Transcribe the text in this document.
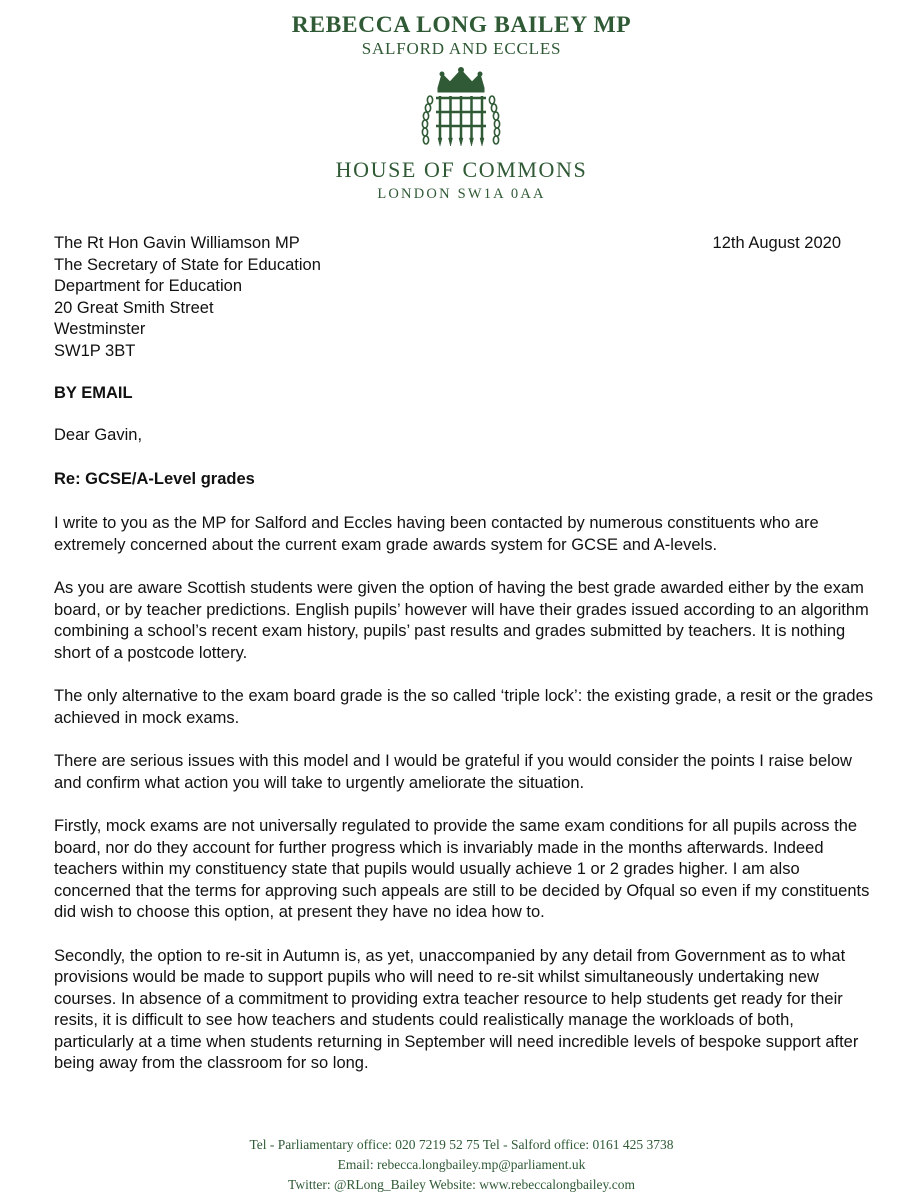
REBECCA LONG BAILEY MP
SALFORD AND ECCLES
HOUSE OF COMMONS
LONDON SW1A 0AA
The Rt Hon Gavin Williamson MP
The Secretary of State for Education
Department for Education
20 Great Smith Street
Westminster
SW1P 3BT
12th August 2020
BY EMAIL
Dear Gavin,
Re: GCSE/A-Level grades

I write to you as the MP for Salford and Eccles having been contacted by numerous constituents who are extremely concerned about the current exam grade awards system for GCSE and A-levels.

As you are aware Scottish students were given the option of having the best grade awarded either by the exam board, or by teacher predictions. English pupils’ however will have their grades issued according to an algorithm combining a school’s recent exam history, pupils’ past results and grades submitted by teachers. It is nothing short of a postcode lottery.

The only alternative to the exam board grade is the so called ‘triple lock’: the existing grade, a resit or the grades achieved in mock exams.

There are serious issues with this model and I would be grateful if you would consider the points I raise below and confirm what action you will take to urgently ameliorate the situation.

Firstly, mock exams are not universally regulated to provide the same exam conditions for all pupils across the board, nor do they account for further progress which is invariably made in the months afterwards. Indeed teachers within my constituency state that pupils would usually achieve 1 or 2 grades higher. I am also concerned that the terms for approving such appeals are still to be decided by Ofqual so even if my constituents did wish to choose this option, at present they have no idea how to.

Secondly, the option to re-sit in Autumn is, as yet, unaccompanied by any detail from Government as to what provisions would be made to support pupils who will need to re-sit whilst simultaneously undertaking new courses. In absence of a commitment to providing extra teacher resource to help students get ready for their resits, it is difficult to see how teachers and students could realistically manage the workloads of both, particularly at a time when students returning in September will need incredible levels of bespoke support after being away from the classroom for so long.

Tel - Parliamentary office: 020 7219 52 75 Tel - Salford office: 0161 425 3738
Email: rebecca.longbailey.mp@parliament.uk
Twitter: @RLong_Bailey Website: www.rebeccalongbailey.com
